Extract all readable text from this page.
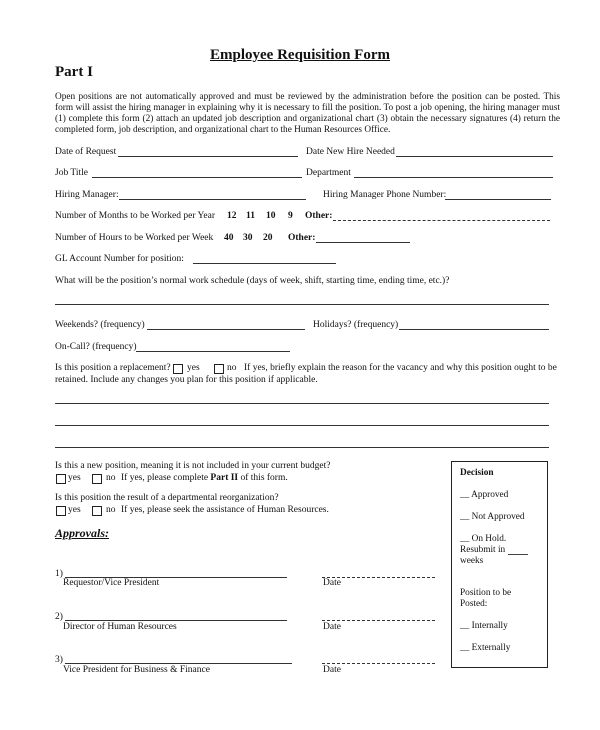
Employee Requisition Form
Part I
Open positions are not automatically approved and must be reviewed by the administration before the position can be posted. This form will assist the hiring manager in explaining why it is necessary to fill the position. To post a job opening, the hiring manager must (1) complete this form (2) attach an updated job description and organizational chart (3) obtain the necessary signatures (4) return the completed form, job description, and organizational chart to the Human Resources Office.
Date of Request	Date New Hire Needed
Job Title	Department
Hiring Manager:	Hiring Manager Phone Number:
Number of Months to be Worked per Year 12 11 10 9 Other:
Number of Hours to be Worked per Week 40 30 20 Other:
GL Account Number for position:
What will be the position’s normal work schedule (days of week, shift, starting time, ending time, etc.)?
Weekends? (frequency)	Holidays? (frequency)
On-Call? (frequency)
Is this position a replacement? yes	no If yes, briefly explain the reason for the vacancy and why this position ought to be
retained. Include any changes you plan for this position if applicable.
Is this a new position, meaning it is not included in your current budget?
yes	no If yes, please complete Part II of this form.
Is this position the result of a departmental reorganization?
yes	no If yes, please seek the assistance of Human Resources.
Approvals:
1)
Requestor/Vice President	Date
2)
Director of Human Resources	Date
3)
Vice President for Business & Finance	Date
Decision
__ Approved
__ Not Approved
__ On Hold.
Resubmit in
weeks
Position to be
Posted:
__ Internally
__ Externally
